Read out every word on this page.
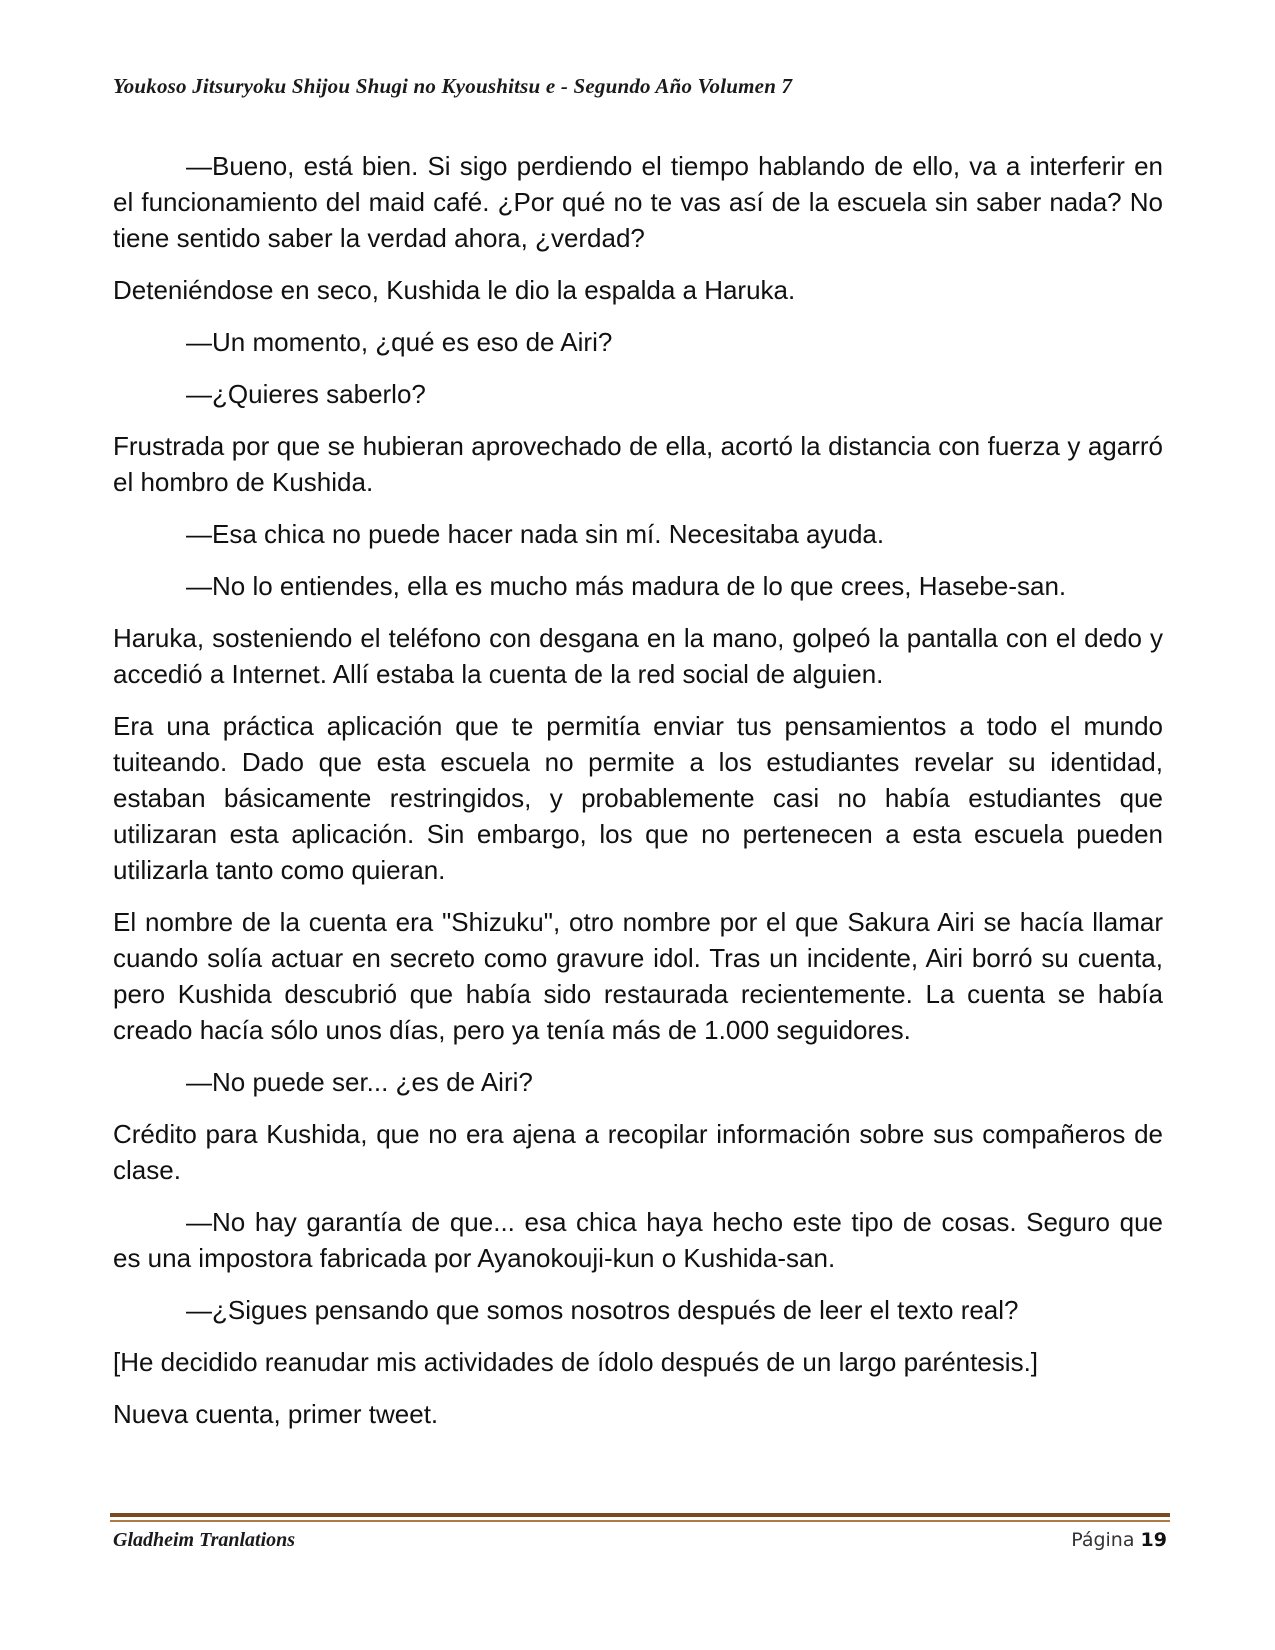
Youkoso Jitsuryoku Shijou Shugi no Kyoushitsu e - Segundo Año Volumen 7

—Bueno, está bien. Si sigo perdiendo el tiempo hablando de ello, va a interferir en el funcionamiento del maid café. ¿Por qué no te vas así de la escuela sin saber nada? No tiene sentido saber la verdad ahora, ¿verdad?

Deteniéndose en seco, Kushida le dio la espalda a Haruka.

—Un momento, ¿qué es eso de Airi?

—¿Quieres saberlo?

Frustrada por que se hubieran aprovechado de ella, acortó la distancia con fuerza y agarró el hombro de Kushida.

—Esa chica no puede hacer nada sin mí. Necesitaba ayuda.

—No lo entiendes, ella es mucho más madura de lo que crees, Hasebe-san.

Haruka, sosteniendo el teléfono con desgana en la mano, golpeó la pantalla con el dedo y accedió a Internet. Allí estaba la cuenta de la red social de alguien.

Era una práctica aplicación que te permitía enviar tus pensamientos a todo el mundo tuiteando. Dado que esta escuela no permite a los estudiantes revelar su identidad, estaban básicamente restringidos, y probablemente casi no había estudiantes que utilizaran esta aplicación. Sin embargo, los que no pertenecen a esta escuela pueden utilizarla tanto como quieran.

El nombre de la cuenta era "Shizuku", otro nombre por el que Sakura Airi se hacía llamar cuando solía actuar en secreto como gravure idol. Tras un incidente, Airi borró su cuenta, pero Kushida descubrió que había sido restaurada recientemente. La cuenta se había creado hacía sólo unos días, pero ya tenía más de 1.000 seguidores.

—No puede ser... ¿es de Airi?

Crédito para Kushida, que no era ajena a recopilar información sobre sus compañeros de clase.

—No hay garantía de que... esa chica haya hecho este tipo de cosas. Seguro que es una impostora fabricada por Ayanokouji-kun o Kushida-san.

—¿Sigues pensando que somos nosotros después de leer el texto real?

[He decidido reanudar mis actividades de ídolo después de un largo paréntesis.]

Nueva cuenta, primer tweet.

Gladheim Tranlations	Página 19
